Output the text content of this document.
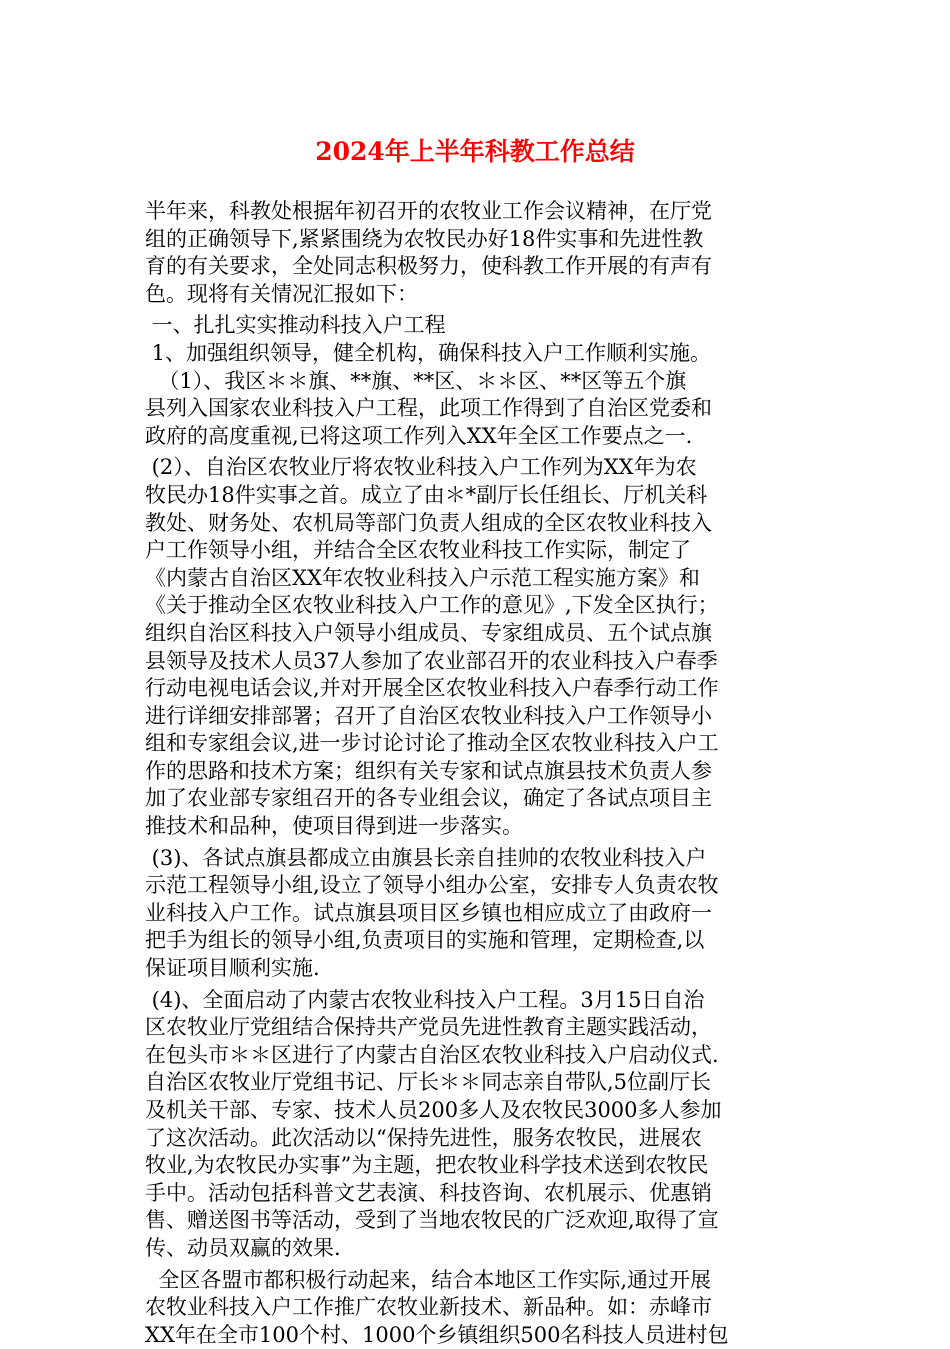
2024年上半年科教工作总结
半年来，科教处根据年初召开的农牧业工作会议精神，在厅党
组的正确领导下,紧紧围绕为农牧民办好18件实事和先进性教
育的有关要求，全处同志积极努力，使科教工作开展的有声有
色。现将有关情况汇报如下：
一、扎扎实实推动科技入户工程
1、加强组织领导，健全机构，确保科技入户工作顺利实施。
（1）、我区＊＊旗、**旗、**区、＊＊区、**区等五个旗
县列入国家农业科技入户工程，此项工作得到了自治区党委和
政府的高度重视,已将这项工作列入XX年全区工作要点之一.
(2）、自治区农牧业厅将农牧业科技入户工作列为XX年为农
牧民办18件实事之首。成立了由＊*副厅长任组长、厅机关科
教处、财务处、农机局等部门负责人组成的全区农牧业科技入
户工作领导小组，并结合全区农牧业科技工作实际，制定了
《内蒙古自治区XX年农牧业科技入户示范工程实施方案》和
《关于推动全区农牧业科技入户工作的意见》,下发全区执行；
组织自治区科技入户领导小组成员、专家组成员、五个试点旗
县领导及技术人员37人参加了农业部召开的农业科技入户春季
行动电视电话会议,并对开展全区农牧业科技入户春季行动工作
进行详细安排部署；召开了自治区农牧业科技入户工作领导小
组和专家组会议,进一步讨论讨论了推动全区农牧业科技入户工
作的思路和技术方案；组织有关专家和试点旗县技术负责人参
加了农业部专家组召开的各专业组会议，确定了各试点项目主
推技术和品种，使项目得到进一步落实。
(3)、各试点旗县都成立由旗县长亲自挂帅的农牧业科技入户
示范工程领导小组,设立了领导小组办公室，安排专人负责农牧
业科技入户工作。试点旗县项目区乡镇也相应成立了由政府一
把手为组长的领导小组,负责项目的实施和管理，定期检查,以
保证项目顺利实施.
(4)、全面启动了内蒙古农牧业科技入户工程。3月15日自治
区农牧业厅党组结合保持共产党员先进性教育主题实践活动，
在包头市＊＊区进行了内蒙古自治区农牧业科技入户启动仪式.
自治区农牧业厅党组书记、厅长＊＊同志亲自带队,5位副厅长
及机关干部、专家、技术人员200多人及农牧民3000多人参加
了这次活动。此次活动以“保持先进性，服务农牧民，进展农
牧业,为农牧民办实事”为主题，把农牧业科学技术送到农牧民
手中。活动包括科普文艺表演、科技咨询、农机展示、优惠销
售、赠送图书等活动，受到了当地农牧民的广泛欢迎,取得了宣
传、动员双赢的效果.
全区各盟市都积极行动起来，结合本地区工作实际,通过开展
农牧业科技入户工作推广农牧业新技术、新品种。如：赤峰市
XX年在全市100个村、1000个乡镇组织500名科技人员进村包
